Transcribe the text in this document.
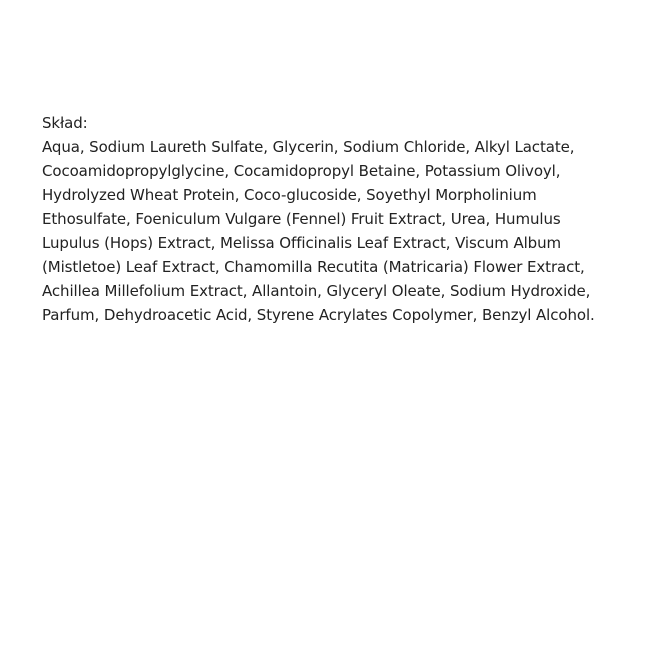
Skład:
Aqua, Sodium Laureth Sulfate, Glycerin, Sodium Chloride, Alkyl Lactate,
Cocoamidopropylglycine, Cocamidopropyl Betaine, Potassium Olivoyl,
Hydrolyzed Wheat Protein, Coco-glucoside, Soyethyl Morpholinium
Ethosulfate, Foeniculum Vulgare (Fennel) Fruit Extract, Urea, Humulus
Lupulus (Hops) Extract, Melissa Officinalis Leaf Extract, Viscum Album
(Mistletoe) Leaf Extract, Chamomilla Recutita (Matricaria) Flower Extract,
Achillea Millefolium Extract, Allantoin, Glyceryl Oleate, Sodium Hydroxide,
Parfum, Dehydroacetic Acid, Styrene Acrylates Copolymer, Benzyl Alcohol.
